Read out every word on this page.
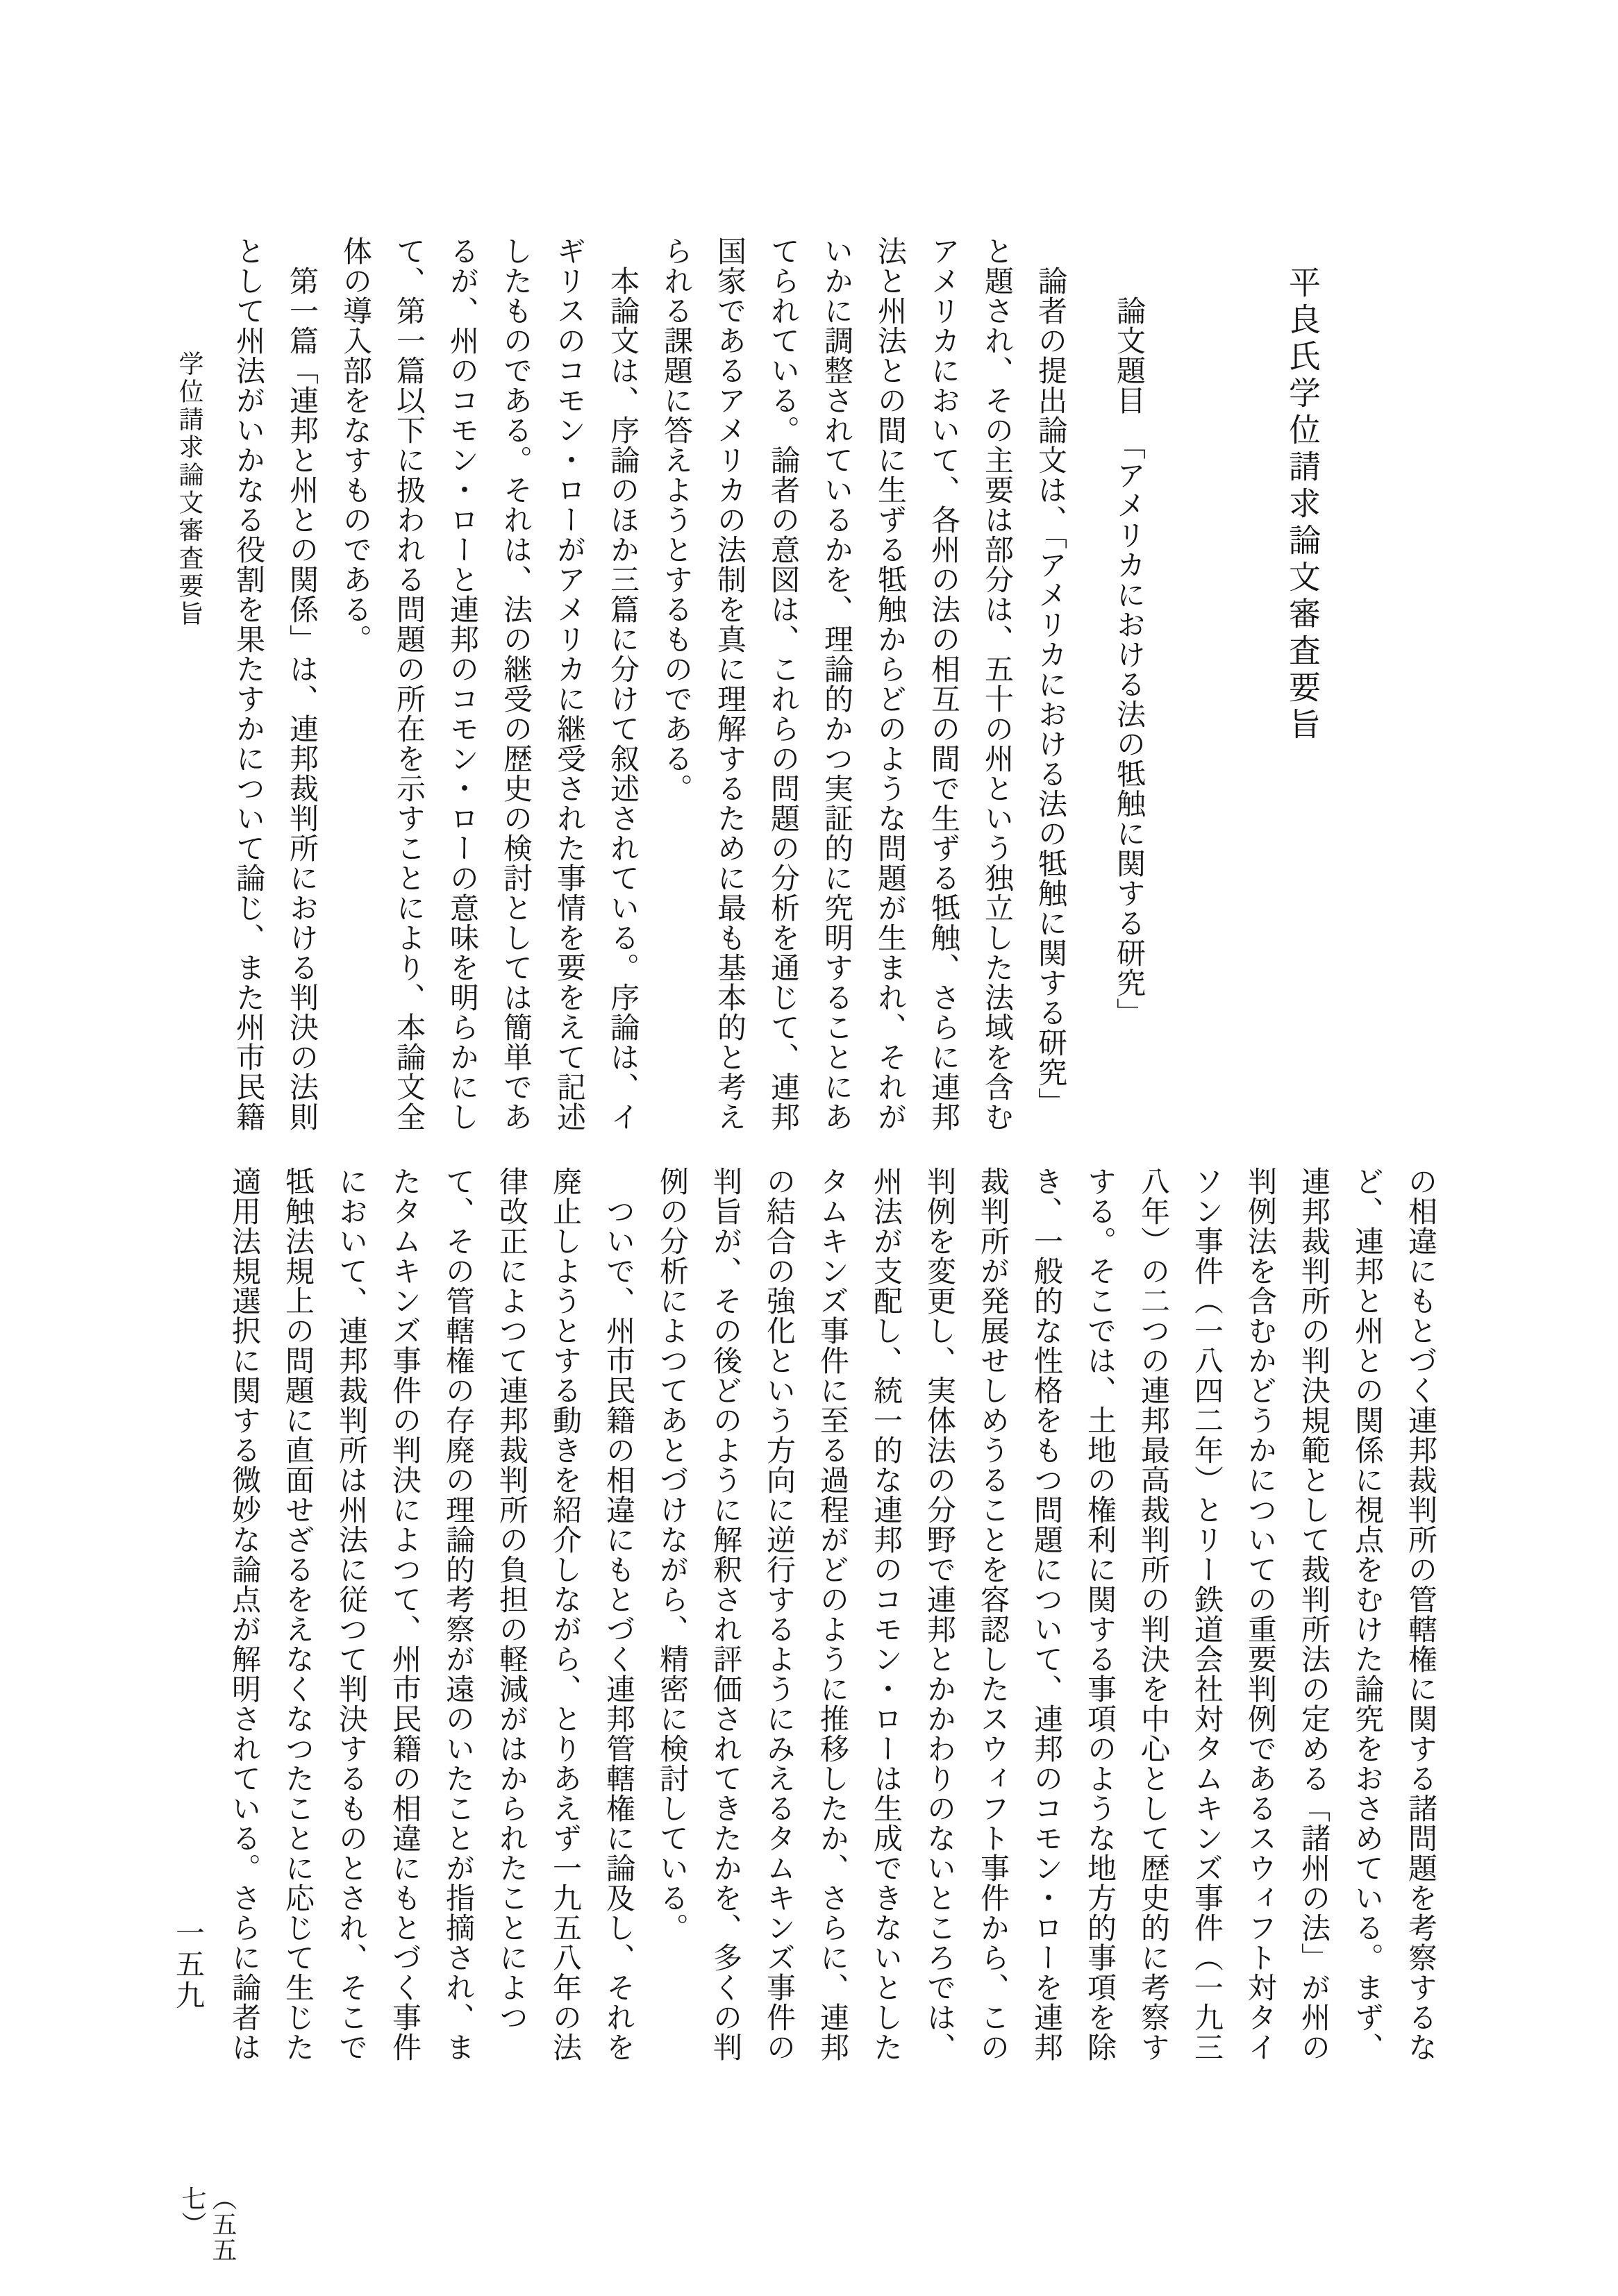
平良氏学位請求論文審査要旨
　　論文題目　「アメリカにおける法の牴触に関する研究」
　論者の提出論文は、「アメリカにおける法の牴触に関する研究」
と題され、その主要は部分は、五十の州という独立した法域を含む
アメリカにおいて、各州の法の相互の間で生ずる牴触、さらに連邦
法と州法との間に生ずる牴触からどのような問題が生まれ、それが
いかに調整されているかを、理論的かつ実証的に究明することにあ
てられている。論者の意図は、これらの問題の分析を通じて、連邦
国家であるアメリカの法制を真に理解するために最も基本的と考え
られる課題に答えようとするものである。
　本論文は、序論のほか三篇に分けて叙述されている。序論は、イ
ギリスのコモン・ローがアメリカに継受された事情を要をえて記述
したものである。それは、法の継受の歴史の検討としては簡単であ
るが、州のコモン・ローと連邦のコモン・ローの意味を明らかにし
て、第一篇以下に扱われる問題の所在を示すことにより、本論文全
体の導入部をなすものである。
　第一篇「連邦と州との関係」は、連邦裁判所における判決の法則
として州法がいかなる役割を果たすかについて論じ、また州市民籍
学位請求論文審査要旨
の相違にもとづく連邦裁判所の管轄権に関する諸問題を考察するな
ど、連邦と州との関係に視点をむけた論究をおさめている。まず、
連邦裁判所の判決規範として裁判所法の定める「諸州の法」が州の
判例法を含むかどうかについての重要判例であるスウィフト対タイ
ソン事件（一八四二年）とリー鉄道会社対タムキンズ事件（一九三
八年）の二つの連邦最高裁判所の判決を中心として歴史的に考察す
する。そこでは、土地の権利に関する事項のような地方的事項を除
き、一般的な性格をもつ問題について、連邦のコモン・ローを連邦
裁判所が発展せしめうることを容認したスウィフト事件から、この
判例を変更し、実体法の分野で連邦とかかわりのないところでは、
州法が支配し、統一的な連邦のコモン・ローは生成できないとした
タムキンズ事件に至る過程がどのように推移したか、さらに、連邦
の結合の強化という方向に逆行するようにみえるタムキンズ事件の
判旨が、その後どのように解釈され評価されてきたかを、多くの判
例の分析によつてあとづけながら、精密に検討している。
　ついで、州市民籍の相違にもとづく連邦管轄権に論及し、それを
廃止しようとする動きを紹介しながら、とりあえず一九五八年の法
律改正によつて連邦裁判所の負担の軽減がはかられたことによつ
て、その管轄権の存廃の理論的考察が遠のいたことが指摘され、ま
たタムキンズ事件の判決によつて、州市民籍の相違にもとづく事件
において、連邦裁判所は州法に従つて判決するものとされ、そこで
牴触法規上の問題に直面せざるをえなくなつたことに応じて生じた
適用法規選択に関する微妙な論点が解明されている。さらに論者は
一五九
（五五七）
